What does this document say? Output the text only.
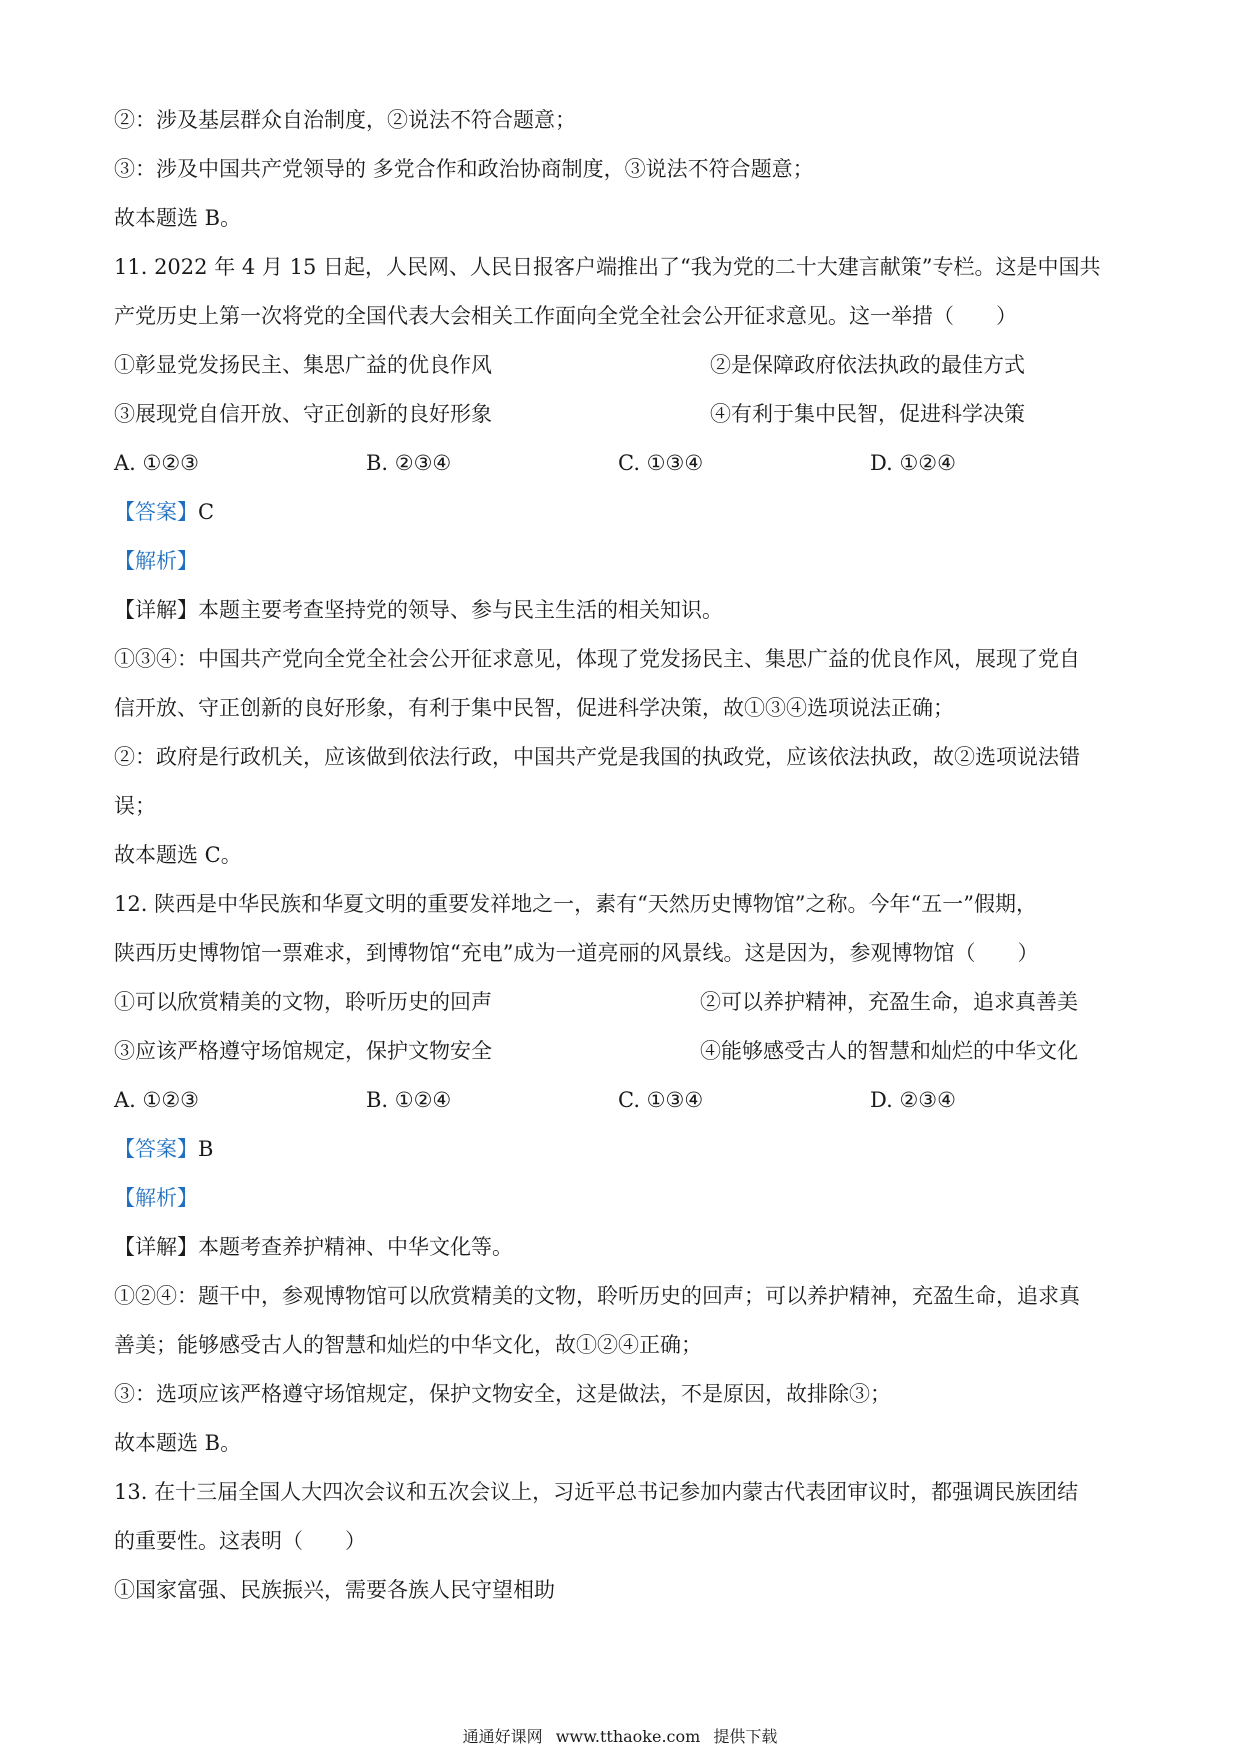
②：涉及基层群众自治制度，②说法不符合题意；

③：涉及中国共产党领导的 多党合作和政治协商制度，③说法不符合题意；

故本题选 B。

11. 2022 年 4 月 15 日起，人民网、人民日报客户端推出了“我为党的二十大建言献策”专栏。这是中国共

产党历史上第一次将党的全国代表大会相关工作面向全党全社会公开征求意见。这一举措（　　）

①彰显党发扬民主、集思广益的优良作风	②是保障政府依法执政的最佳方式
③展现党自信开放、守正创新的良好形象	④有利于集中民智，促进科学决策
A. ①②③	B. ②③④	C. ①③④	D. ①②④

【答案】C

【解析】

【详解】本题主要考查坚持党的领导、参与民主生活的相关知识。

①③④：中国共产党向全党全社会公开征求意见，体现了党发扬民主、集思广益的优良作风，展现了党自

信开放、守正创新的良好形象，有利于集中民智，促进科学决策，故①③④选项说法正确；

②：政府是行政机关，应该做到依法行政，中国共产党是我国的执政党，应该依法执政，故②选项说法错

误；

故本题选 C。

12. 陕西是中华民族和华夏文明的重要发祥地之一，素有“天然历史博物馆”之称。今年“五一”假期，

陕西历史博物馆一票难求，到博物馆“充电”成为一道亮丽的风景线。这是因为，参观博物馆（　　）

①可以欣赏精美的文物，聆听历史的回声	②可以养护精神，充盈生命，追求真善美
③应该严格遵守场馆规定，保护文物安全	④能够感受古人的智慧和灿烂的中华文化
A. ①②③	B. ①②④	C. ①③④	D. ②③④

【答案】B

【解析】

【详解】本题考查养护精神、中华文化等。

①②④：题干中，参观博物馆可以欣赏精美的文物，聆听历史的回声；可以养护精神，充盈生命，追求真

善美；能够感受古人的智慧和灿烂的中华文化，故①②④正确；

③：选项应该严格遵守场馆规定，保护文物安全，这是做法，不是原因，故排除③；

故本题选 B。

13. 在十三届全国人大四次会议和五次会议上，习近平总书记参加内蒙古代表团审议时，都强调民族团结

的重要性。这表明（　　）

①国家富强、民族振兴，需要各族人民守望相助

通通好课网 www.tthaoke.com 提供下载
